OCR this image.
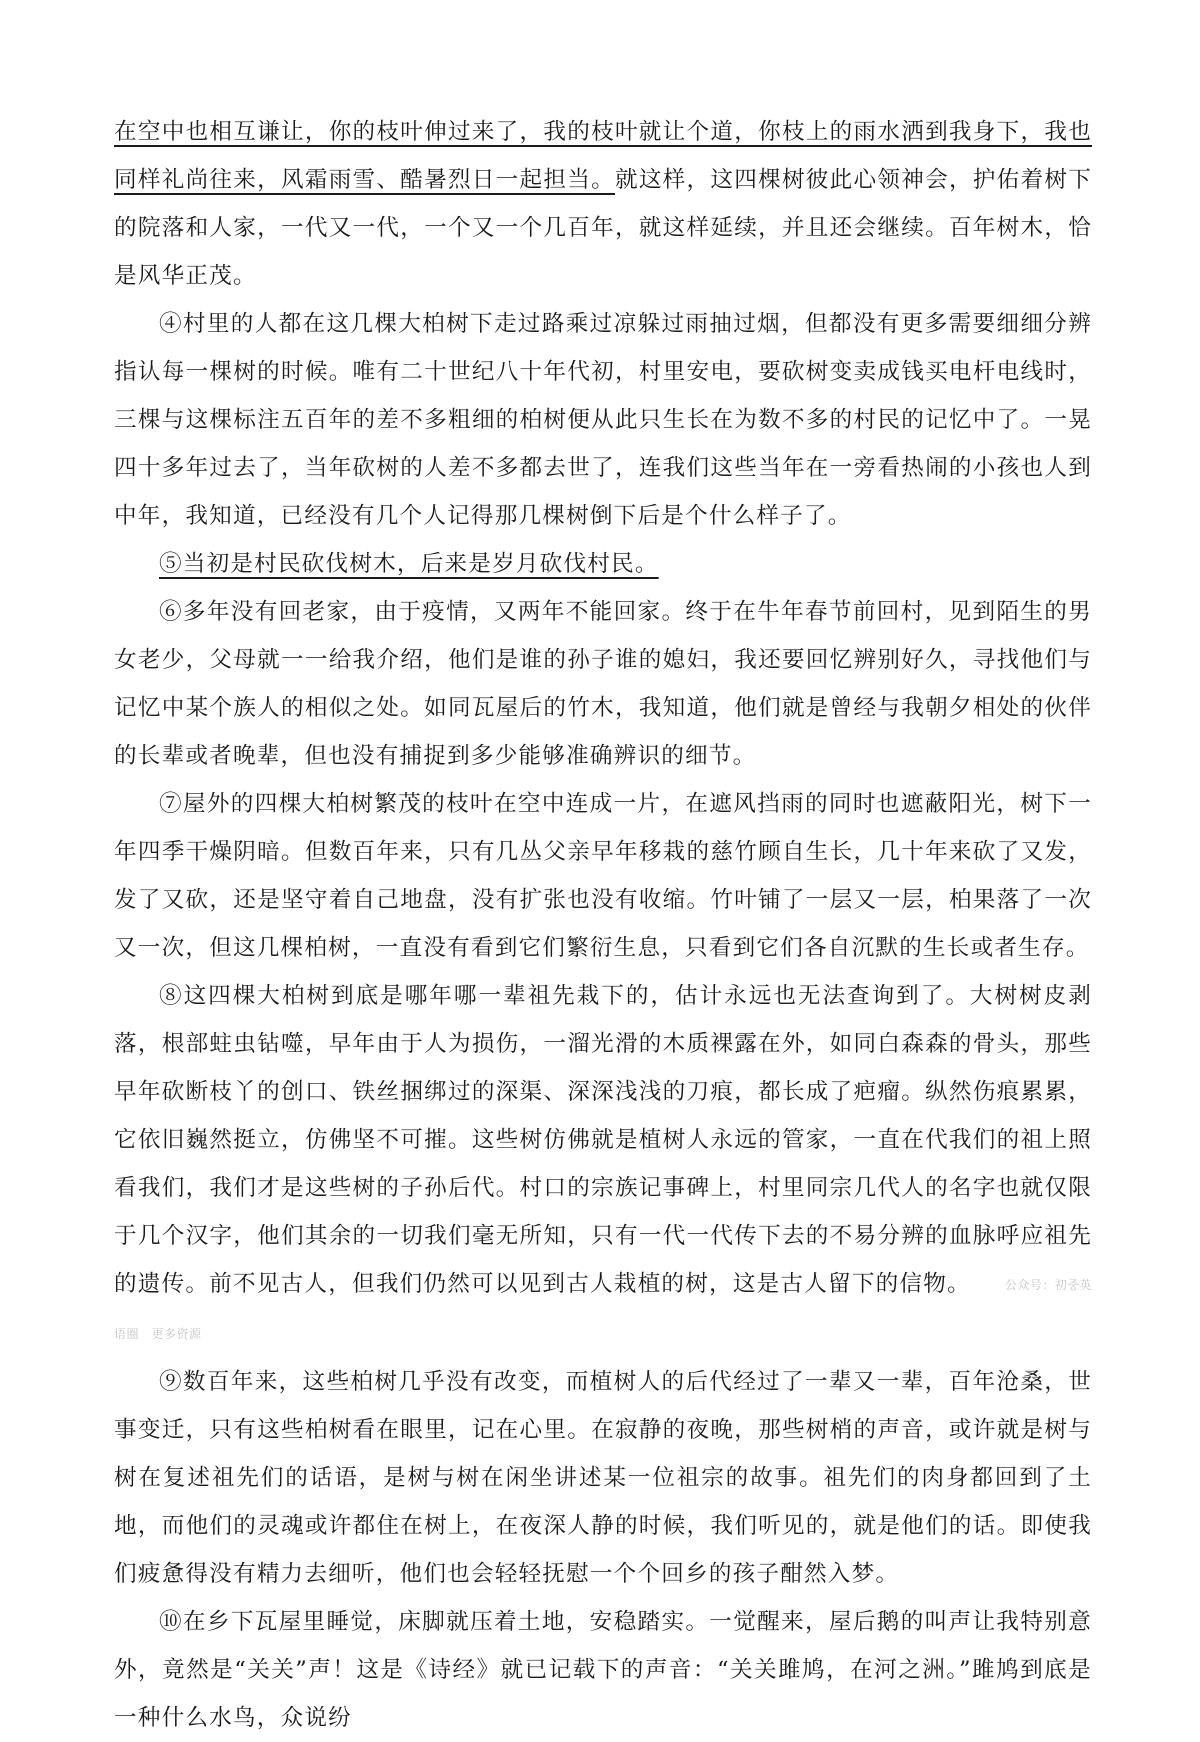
在空中也相互谦让，你的枝叶伸过来了，我的枝叶就让个道，你枝上的雨水洒到我身下，我也同样礼尚往来，风霜雨雪、酷暑烈日一起担当。就这样，这四棵树彼此心领神会，护佑着树下的院落和人家，一代又一代，一个又一个几百年，就这样延续，并且还会继续。百年树木，恰是风华正茂。

④村里的人都在这几棵大柏树下走过路乘过凉躲过雨抽过烟，但都没有更多需要细细分辨指认每一棵树的时候。唯有二十世纪八十年代初，村里安电，要砍树变卖成钱买电杆电线时，三棵与这棵标注五百年的差不多粗细的柏树便从此只生长在为数不多的村民的记忆中了。一晃四十多年过去了，当年砍树的人差不多都去世了，连我们这些当年在一旁看热闹的小孩也人到中年，我知道，已经没有几个人记得那几棵树倒下后是个什么样子了。

⑤当初是村民砍伐树木，后来是岁月砍伐村民。

⑥多年没有回老家，由于疫情，又两年不能回家。终于在牛年春节前回村，见到陌生的男女老少，父母就一一给我介绍，他们是谁的孙子谁的媳妇，我还要回忆辨别好久，寻找他们与记忆中某个族人的相似之处。如同瓦屋后的竹木，我知道，他们就是曾经与我朝夕相处的伙伴的长辈或者晚辈，但也没有捕捉到多少能够准确辨识的细节。

⑦屋外的四棵大柏树繁茂的枝叶在空中连成一片，在遮风挡雨的同时也遮蔽阳光，树下一年四季干燥阴暗。但数百年来，只有几丛父亲早年移栽的慈竹顾自生长，几十年来砍了又发，发了又砍，还是坚守着自己地盘，没有扩张也没有收缩。竹叶铺了一层又一层，柏果落了一次又一次，但这几棵柏树，一直没有看到它们繁衍生息，只看到它们各自沉默的生长或者生存。

⑧这四棵大柏树到底是哪年哪一辈祖先栽下的，估计永远也无法查询到了。大树树皮剥落，根部蛀虫钻噬，早年由于人为损伤，一溜光滑的木质裸露在外，如同白森森的骨头，那些早年砍断枝丫的创口、铁丝捆绑过的深渠、深深浅浅的刀痕，都长成了疤瘤。纵然伤痕累累，它依旧巍然挺立，仿佛坚不可摧。这些树仿佛就是植树人永远的管家，一直在代我们的祖上照看我们，我们才是这些树的子孙后代。村口的宗族记事碑上，村里同宗几代人的名字也就仅限于几个汉字，他们其余的一切我们毫无所知，只有一代一代传下去的不易分辨的血脉呼应祖先的遗传。前不见古人，但我们仍然可以见到古人栽植的树，这是古人留下的信物。	公众号：初중英语圈　更多资源

⑨数百年来，这些柏树几乎没有改变，而植树人的后代经过了一辈又一辈，百年沧桑，世事变迁，只有这些柏树看在眼里，记在心里。在寂静的夜晚，那些树梢的声音，或许就是树与树在复述祖先们的话语，是树与树在闲坐讲述某一位祖宗的故事。祖先们的肉身都回到了土地，而他们的灵魂或许都住在树上，在夜深人静的时候，我们听见的，就是他们的话。即使我们疲惫得没有精力去细听，他们也会轻轻抚慰一个个回乡的孩子酣然入梦。

⑩在乡下瓦屋里睡觉，床脚就压着土地，安稳踏实。一觉醒来，屋后鹅的叫声让我特别意外，竟然是“关关”声！这是《诗经》就已记载下的声音：“关关雎鸠，在河之洲。”雎鸠到底是一种什么水鸟，众说纷
